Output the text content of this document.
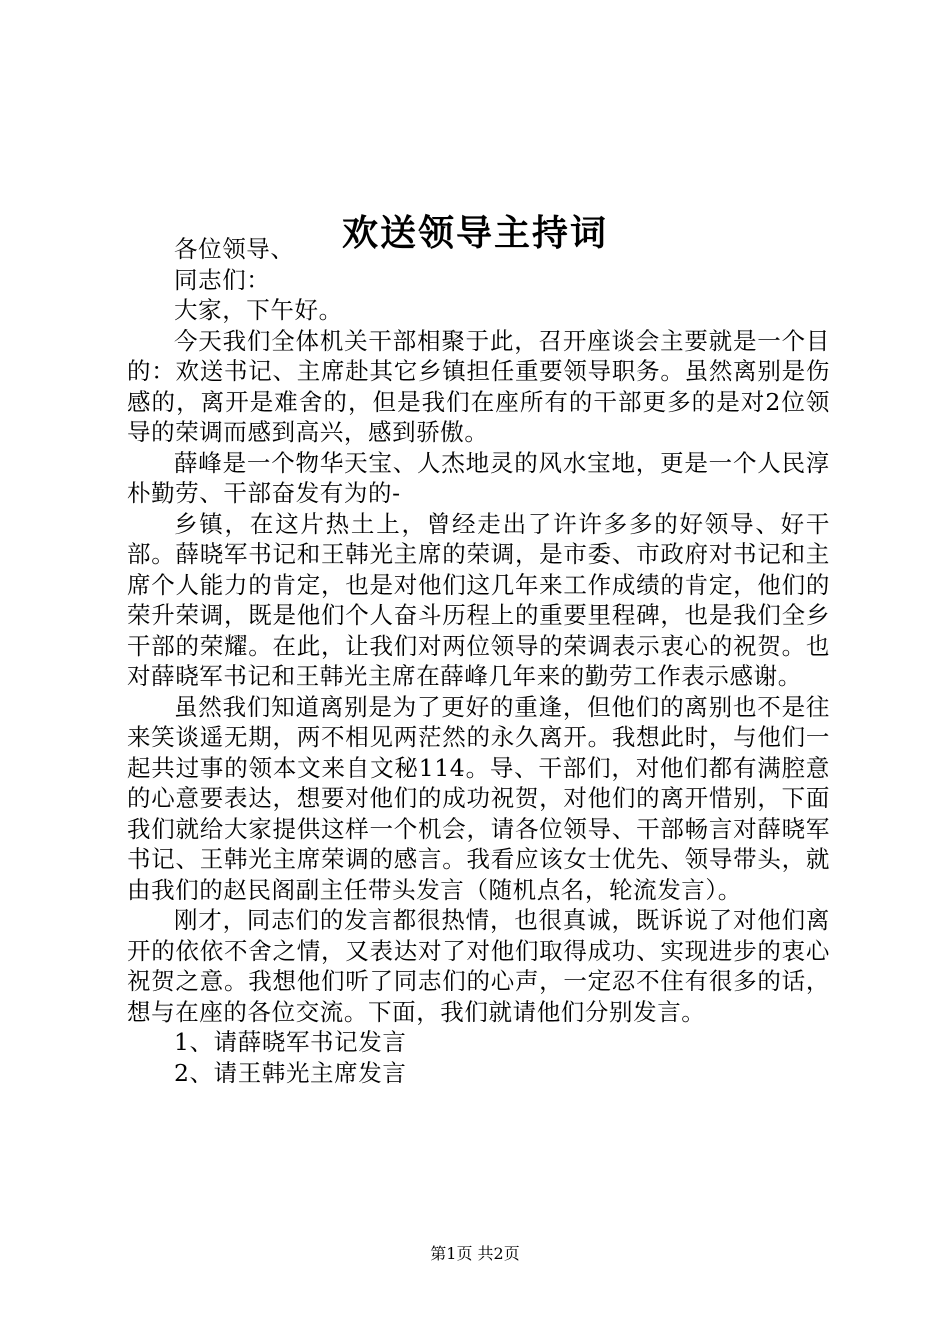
欢送领导主持词

各位领导、

同志们：

大家，下午好。

今天我们全体机关干部相聚于此，召开座谈会主要就是一个目的：欢送书记、主席赴其它乡镇担任重要领导职务。虽然离别是伤感的，离开是难舍的，但是我们在座所有的干部更多的是对2位领导的荣调而感到高兴，感到骄傲。

薛峰是一个物华天宝、人杰地灵的风水宝地，更是一个人民淳朴勤劳、干部奋发有为的-

乡镇，在这片热土上，曾经走出了许许多多的好领导、好干部。薛晓军书记和王韩光主席的荣调，是市委、市政府对书记和主席个人能力的肯定，也是对他们这几年来工作成绩的肯定，他们的荣升荣调，既是他们个人奋斗历程上的重要里程碑，也是我们全乡干部的荣耀。在此，让我们对两位领导的荣调表示衷心的祝贺。也对薛晓军书记和王韩光主席在薛峰几年来的勤劳工作表示感谢。

虽然我们知道离别是为了更好的重逢，但他们的离别也不是往来笑谈遥无期，两不相见两茫然的永久离开。我想此时，与他们一起共过事的领本文来自文秘114。导、干部们，对他们都有满腔意的心意要表达，想要对他们的成功祝贺，对他们的离开惜别，下面我们就给大家提供这样一个机会，请各位领导、干部畅言对薛晓军书记、王韩光主席荣调的感言。我看应该女士优先、领导带头，就由我们的赵民阁副主任带头发言（随机点名，轮流发言）。

刚才，同志们的发言都很热情，也很真诚，既诉说了对他们离开的依依不舍之情，又表达对了对他们取得成功、实现进步的衷心祝贺之意。我想他们听了同志们的心声，一定忍不住有很多的话，想与在座的各位交流。下面，我们就请他们分别发言。

1、请薛晓军书记发言

2、请王韩光主席发言

第1页 共2页
